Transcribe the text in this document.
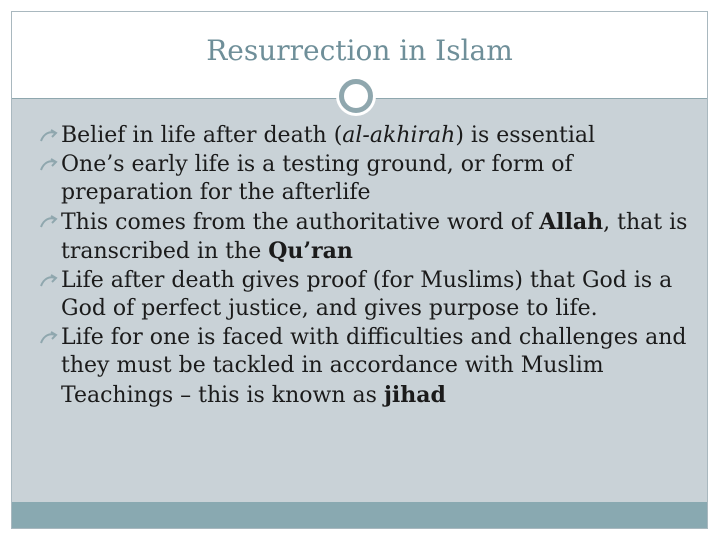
Resurrection in Islam
Belief in life after death (al-akhirah) is essential
One’s early life is a testing ground, or form of preparation for the afterlife
This comes from the authoritative word of Allah, that is transcribed in the Qu’ran
Life after death gives proof (for Muslims) that God is a God of perfect justice, and gives purpose to life.
Life for one is faced with difficulties and challenges and they must be tackled in accordance with Muslim Teachings – this is known as jihad
